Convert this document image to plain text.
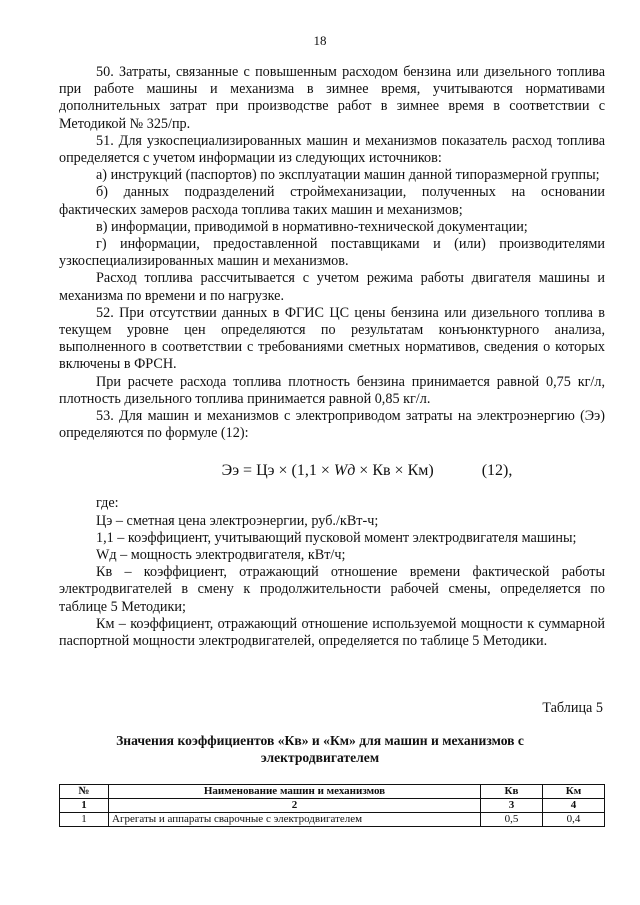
18

50. Затраты, связанные с повышенным расходом бензина или дизельного топлива при работе машины и механизма в зимнее время, учитываются нормативами дополнительных затрат при производстве работ в зимнее время в соответствии с Методикой № 325/пр.

51. Для узкоспециализированных машин и механизмов показатель расход топлива определяется с учетом информации из следующих источников:

а) инструкций (паспортов) по эксплуатации машин данной типоразмерной группы;

б) данных подразделений строймеханизации, полученных на основании фактических замеров расхода топлива таких машин и механизмов;

в) информации, приводимой в нормативно-технической документации;

г) информации, предоставленной поставщиками и (или) производителями узкоспециализированных машин и механизмов.

Расход топлива рассчитывается с учетом режима работы двигателя машины и механизма по времени и по нагрузке.

52. При отсутствии данных в ФГИС ЦС цены бензина или дизельного топлива в текущем уровне цен определяются по результатам конъюнктурного анализа, выполненного в соответствии с требованиями сметных нормативов, сведения о которых включены в ФРСН.

При расчете расхода топлива плотность бензина принимается равной 0,75 кг/л, плотность дизельного топлива принимается равной 0,85 кг/л.

53. Для машин и механизмов с электроприводом затраты на электроэнергию (Ээ) определяются по формуле (12):

Ээ = Цэ × (1,1 × Wд × Кв × Км)	(12),

где:

Цэ – сметная цена электроэнергии, руб./кВт-ч;

1,1 – коэффициент, учитывающий пусковой момент электродвигателя машины;

Wд – мощность электродвигателя, кВт/ч;

Кв – коэффициент, отражающий отношение времени фактической работы электродвигателей в смену к продолжительности рабочей смены, определяется по таблице 5 Методики;

Км – коэффициент, отражающий отношение используемой мощности к суммарной паспортной мощности электродвигателей, определяется по таблице 5 Методики.

Таблица 5
Значения коэффициентов «Кв» и «Км» для машин и механизмов с электродвигателем
№	Наименование машин и механизмов	Кв	Км
1	2	3	4
1	Агрегаты и аппараты сварочные с электродвигателем	0,5	0,4
